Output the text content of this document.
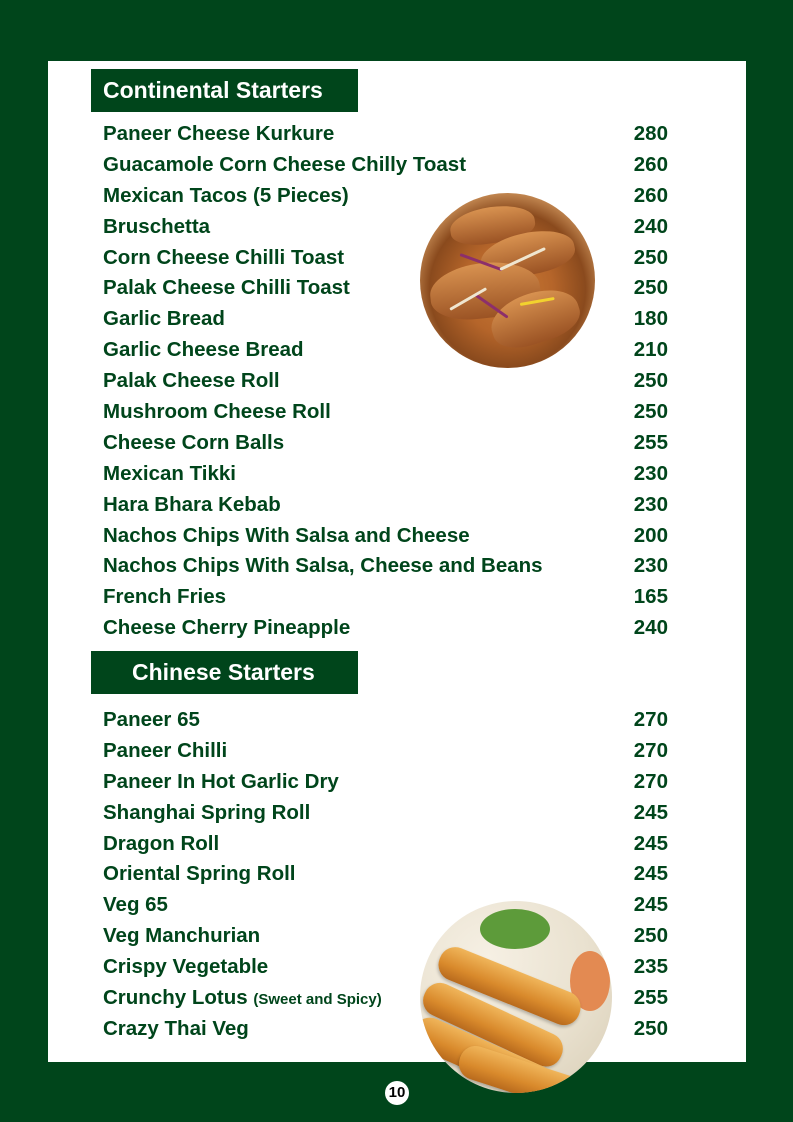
Continental Starters
Paneer Cheese Kurkure	280
Guacamole Corn Cheese Chilly Toast	260
Mexican Tacos (5 Pieces)	260
Bruschetta	240
Corn Cheese Chilli Toast	250
Palak Cheese Chilli Toast	250
Garlic Bread	180
Garlic Cheese Bread	210
Palak Cheese Roll	250
Mushroom Cheese Roll	250
Cheese Corn Balls	255
Mexican Tikki	230
Hara Bhara Kebab	230
Nachos Chips With Salsa and Cheese	200
Nachos Chips With Salsa, Cheese and Beans	230
French Fries	165
Cheese Cherry Pineapple	240
Chinese Starters
Paneer 65	270
Paneer Chilli	270
Paneer In Hot Garlic Dry	270
Shanghai Spring Roll	245
Dragon Roll	245
Oriental Spring Roll	245
Veg 65	245
Veg Manchurian	250
Crispy Vegetable	235
Crunchy Lotus (Sweet and Spicy)	255
Crazy Thai Veg	250
10
